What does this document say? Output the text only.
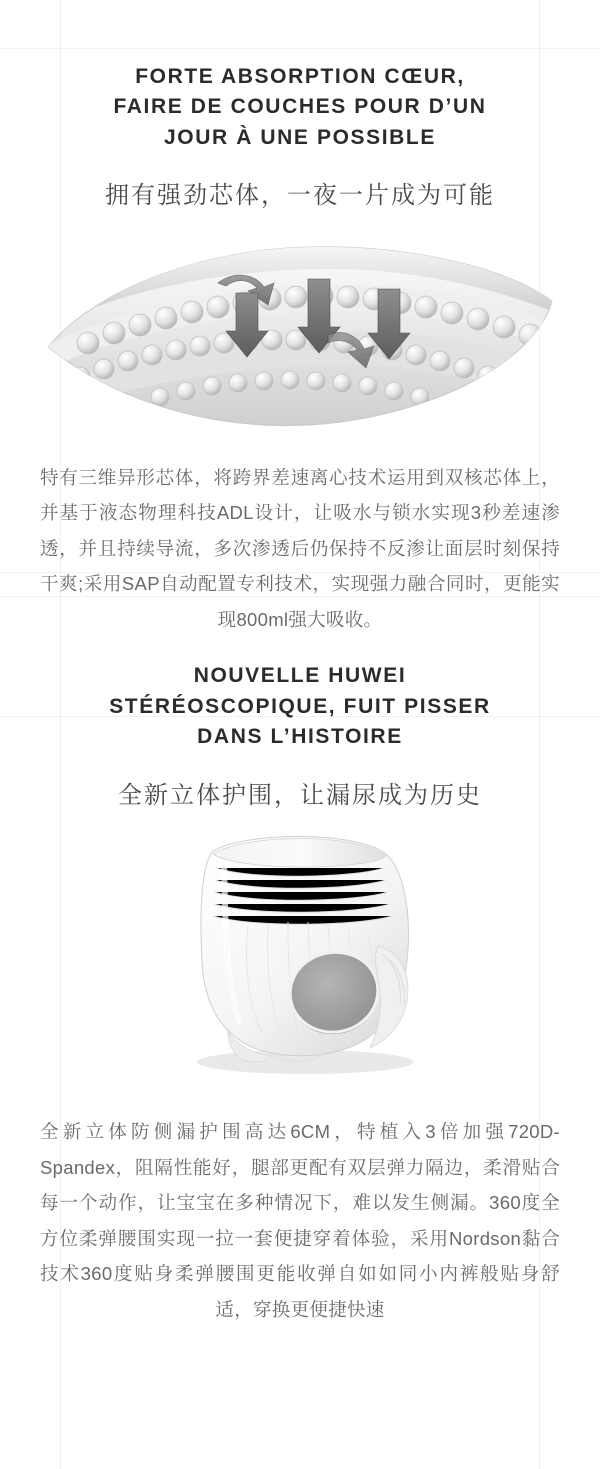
FORTE ABSORPTION CŒUR,
FAIRE DE COUCHES POUR D’UN
JOUR À UNE POSSIBLE
拥有强劲芯体，一夜一片成为可能

特有三维异形芯体，将跨界差速离心技术运用到双核芯体上，并基于液态物理科技ADL设计，让吸水与锁水实现3秒差速渗透，并且持续导流，多次渗透后仍保持不反渗让面层时刻保持干爽;采用SAP自动配置专利技术，实现强力融合同时，更能实现800ml强大吸收。

NOUVELLE HUWEI
STÉRÉOSCOPIQUE, FUIT PISSER
DANS L’HISTOIRE
全新立体护围，让漏尿成为历史

全新立体防侧漏护围高达6CM，特植入3倍加强720D-Spandex，阻隔性能好，腿部更配有双层弹力隔边，柔滑贴合每一个动作，让宝宝在多种情况下，难以发生侧漏。360度全方位柔弹腰围实现一拉一套便捷穿着体验，采用Nordson黏合技术360度贴身柔弹腰围更能收弹自如如同小内裤般贴身舒适，穿换更便捷快速
